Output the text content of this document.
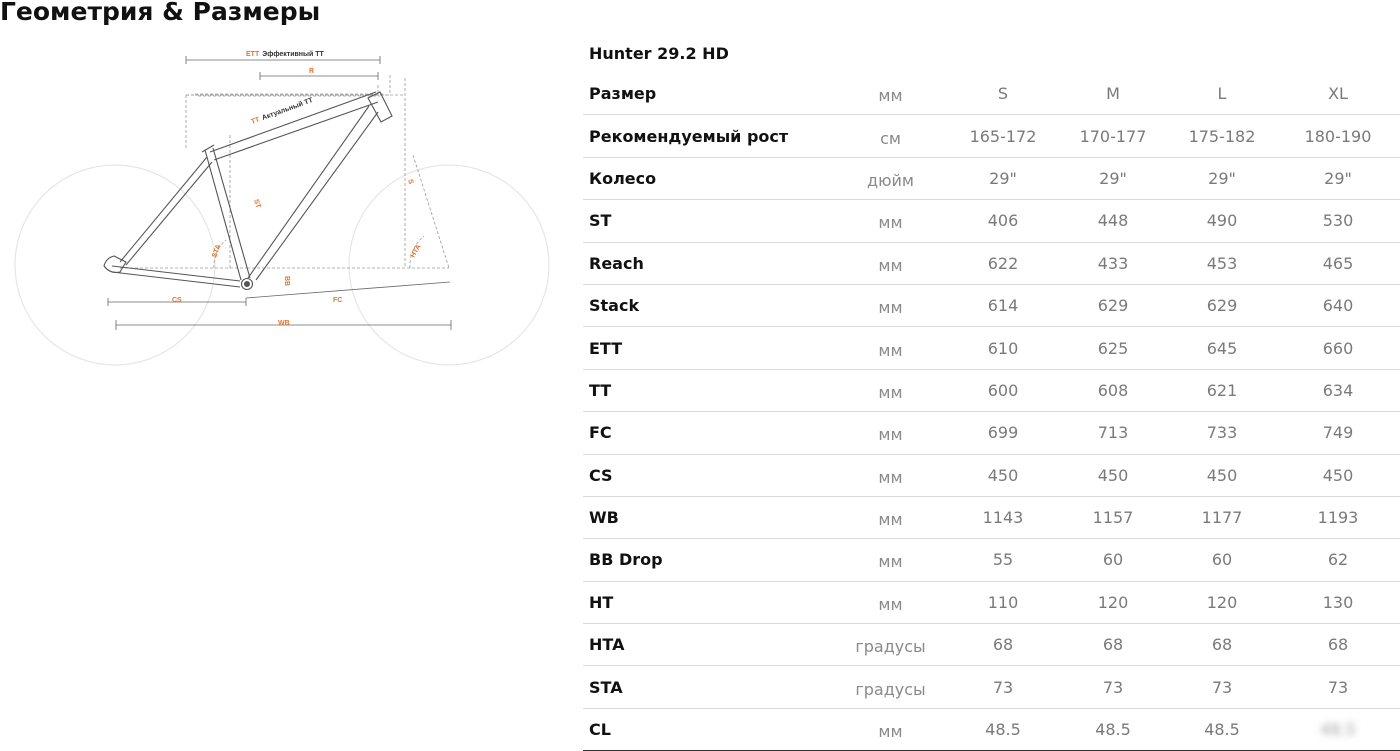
Геометрия & Размеры
ETT Эффективный ТТ
R
TTАктуальный ТТ
ST
S
STA	HTA
BB
CS	FC
WB
Hunter 29.2 HD
Размер	мм	S	M	L	XL
Рекомендуемый рост	см	165-172	170-177	175-182	180-190
Колесо	дюйм	29"	29"	29"	29"
ST	мм	406	448	490	530
Reach	мм	622	433	453	465
Stack	мм	614	629	629	640
ETT	мм	610	625	645	660
TT	мм	600	608	621	634
FC	мм	699	713	733	749
CS	мм	450	450	450	450
WB	мм	1143	1157	1177	1193
BB Drop	мм	55	60	60	62
HT	мм	110	120	120	130
HTA	градусы	68	68	68	68
STA	градусы	73	73	73	73
CL	мм	48.5	48.5	48.5	48.5
